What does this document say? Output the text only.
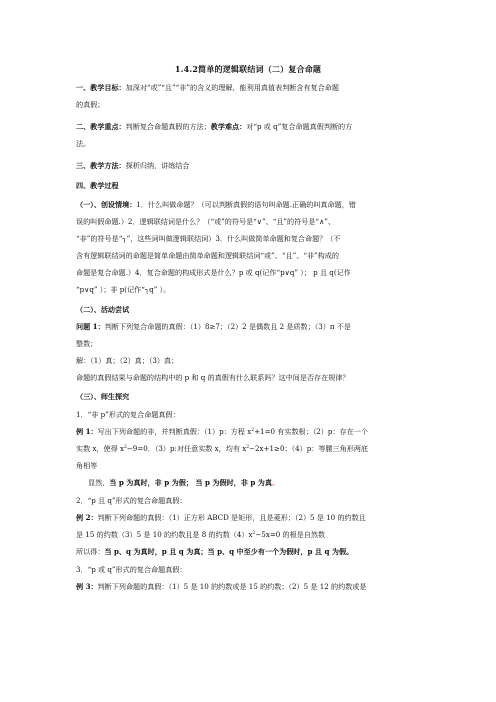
1.4.2简单的逻辑联结词（二）复合命题
一、教学目标：加深对“或”“且”“非”的含义的理解，能利用真值表判断含有复合命题
的真假；
二、教学重点：判断复合命题真假的方法；教学难点：对“p 或 q”复合命题真假判断的方
法。
三、教学方法：探析归纳，讲练结合
四、教学过程
（一）、创设情境：1．什么叫做命题？（可以判断真假的语句叫命题.正确的叫真命题，错
误的叫假命题.）2．逻辑联结词是什么？（“或”的符号是“∨”、“且”的符号是“∧”、
“非”的符号是“┐”，这些词叫做逻辑联结词）3．什么叫做简单命题和复合命题？（不
含有逻辑联结词的命题是简单命题由简单命题和逻辑联结词“或”、“且”、“非”构成的
命题是复合命题.）4．复合命题的构成形式是什么？p 或 q(记作“p∨q” ）； p 且 q(记作
“p∨q” ）；非 p(记作“┐q” ）。
（二）、活动尝试
问题 1：判断下列复合命题的真假：（1）8≥7；（2）2 是偶数且 2 是质数；（3）π 不是
整数；
解：（1）真；（2）真；（3）真；
命题的真假结果与命题的结构中的 p 和 q 的真假有什么联系吗？这中间是否存在规律？
（三）、师生探究
1．“非 p”形式的复合命题真假：
例 1：写出下列命题的非，并判断真假：（1）p：方程 $x^2+1=0$ 有实数根；（2）p：存在一个
实数 x，使得 $x^2-9=0$．（3）p:对任意实数 x，均有 $x^2-2x+1\ge 0$；（4）p：等腰三角形两底
角相等
显然，当 p 为真时，非 p 为假； 当 p 为假时，非 p 为真。
2．“p 且 q”形式的复合命题真假：
例 2：判断下列命题的真假：（1）正方形 ABCD 是矩形，且是菱形；（2）5 是 10 的约数且
是 15 的约数（3）5 是 10 的约数且是 8 的约数$(4)x^2-5x=0$ 的根是自然数
所以得：当 p、q 为真时，p 且 q 为真；当 p、q 中至少有一个为假时，p 且 q 为假。
3．“p 或 q”形式的复合命题真假：
例 3：判断下列命题的真假：（1）5 是 10 的约数或是 15 的约数；（2）5 是 12 的约数或是
